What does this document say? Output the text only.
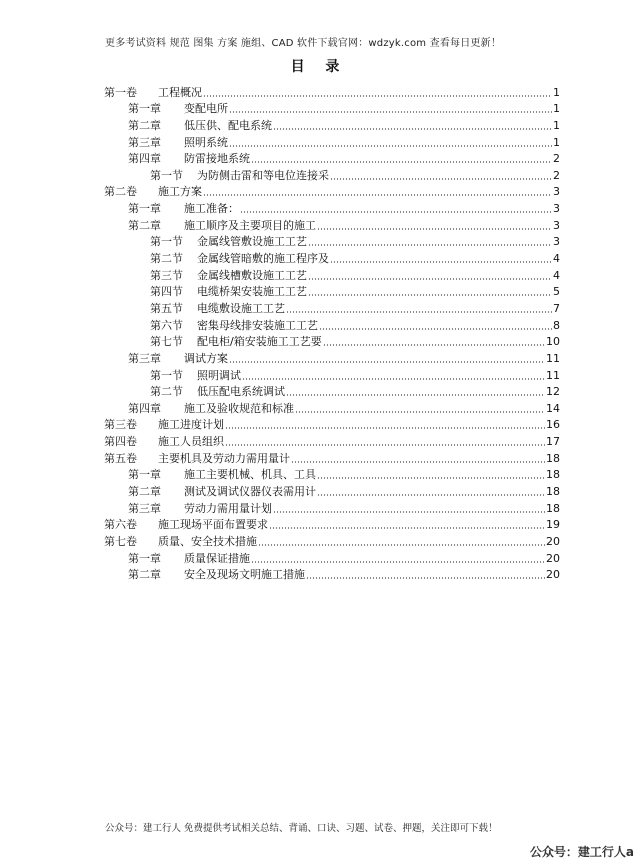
更多考试资料 规范 图集 方案 施组、CAD 软件下载官网：wdzyk.com 查看每日更新！
目 录
第一卷	工程概况	1
第一章	变配电所	1
第二章	低压供、配电系统	1
第三章	照明系统	1
第四章	防雷接地系统	2
第一节	为防侧击雷和等电位连接采	2
第二卷	施工方案	3
第一章	施工准备：	3
第二章	施工顺序及主要项目的施工	3
第一节	金属线管敷设施工工艺	3
第二节	金属线管暗敷的施工程序及	4
第三节	金属线槽敷设施工工艺	4
第四节	电缆桥架安装施工工艺	5
第五节	电缆敷设施工工艺	7
第六节	密集母线排安装施工工艺	8
第七节	配电柜/箱安装施工工艺要	10
第三章	调试方案	11
第一节	照明调试	11
第二节	低压配电系统调试	12
第四章	施工及验收规范和标准	14
第三卷	施工进度计划	16
第四卷	施工人员组织	17
第五卷	主要机具及劳动力需用量计	18
第一章	施工主要机械、机具、工具	18
第二章	测试及调试仪器仪表需用计	18
第三章	劳动力需用量计划	18
第六卷	施工现场平面布置要求	19
第七卷	质量、安全技术措施	20
第一章	质量保证措施	20
第二章	安全及现场文明施工措施	20
公众号：建工行人 免费提供考试相关总结、背诵、口诀、习题、试卷、押题，关注即可下载！
公众号：建工行人a
